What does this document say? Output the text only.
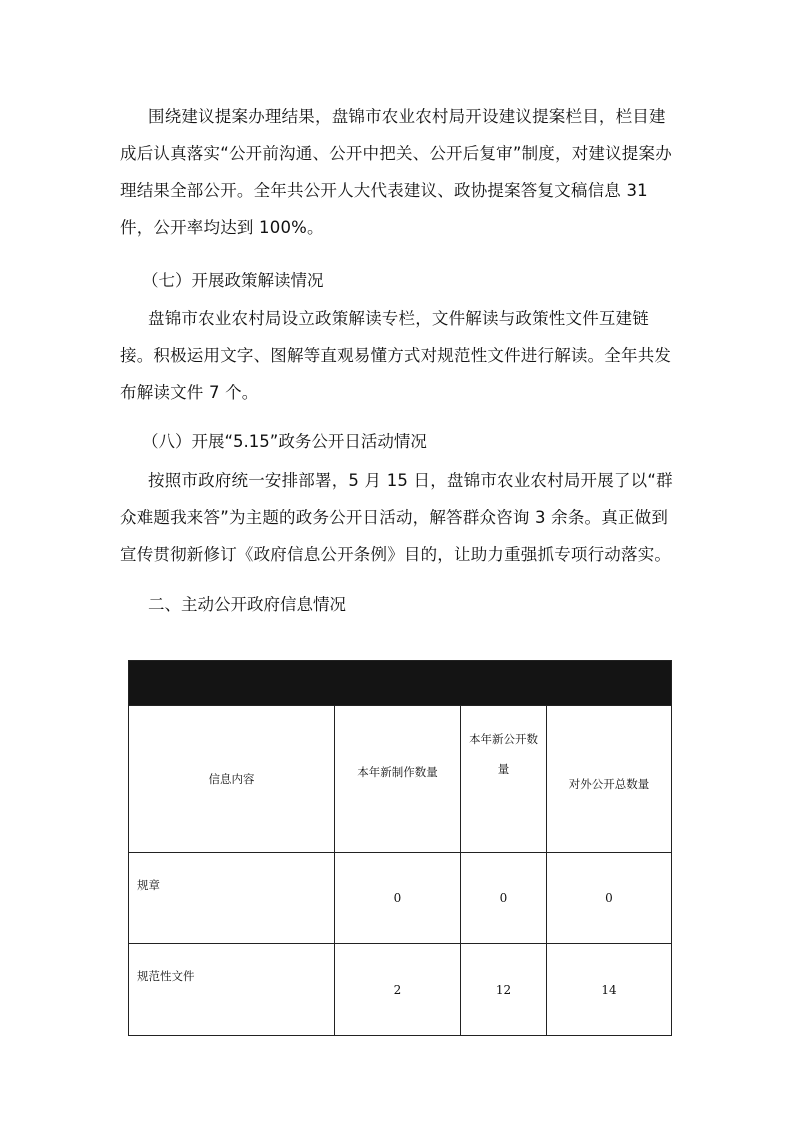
围绕建议提案办理结果，盘锦市农业农村局开设建议提案栏目，栏目建成后认真落实“公开前沟通、公开中把关、公开后复审”制度，对建议提案办理结果全部公开。全年共公开人大代表建议、政协提案答复文稿信息 31 件，公开率均达到 100%。

（七）开展政策解读情况

盘锦市农业农村局设立政策解读专栏，文件解读与政策性文件互建链接。积极运用文字、图解等直观易懂方式对规范性文件进行解读。全年共发布解读文件 7 个。

（八）开展“5.15”政务公开日活动情况

按照市政府统一安排部署，5 月 15 日，盘锦市农业农村局开展了以“群众难题我来答”为主题的政务公开日活动，解答群众咨询 3 余条。真正做到宣传贯彻新修订《政府信息公开条例》目的，让助力重强抓专项行动落实。

二、主动公开政府信息情况

信息内容	本年新制作数量	本年新公开数量	对外公开总数量
规章	0	0	0
规范性文件	2	12	14
